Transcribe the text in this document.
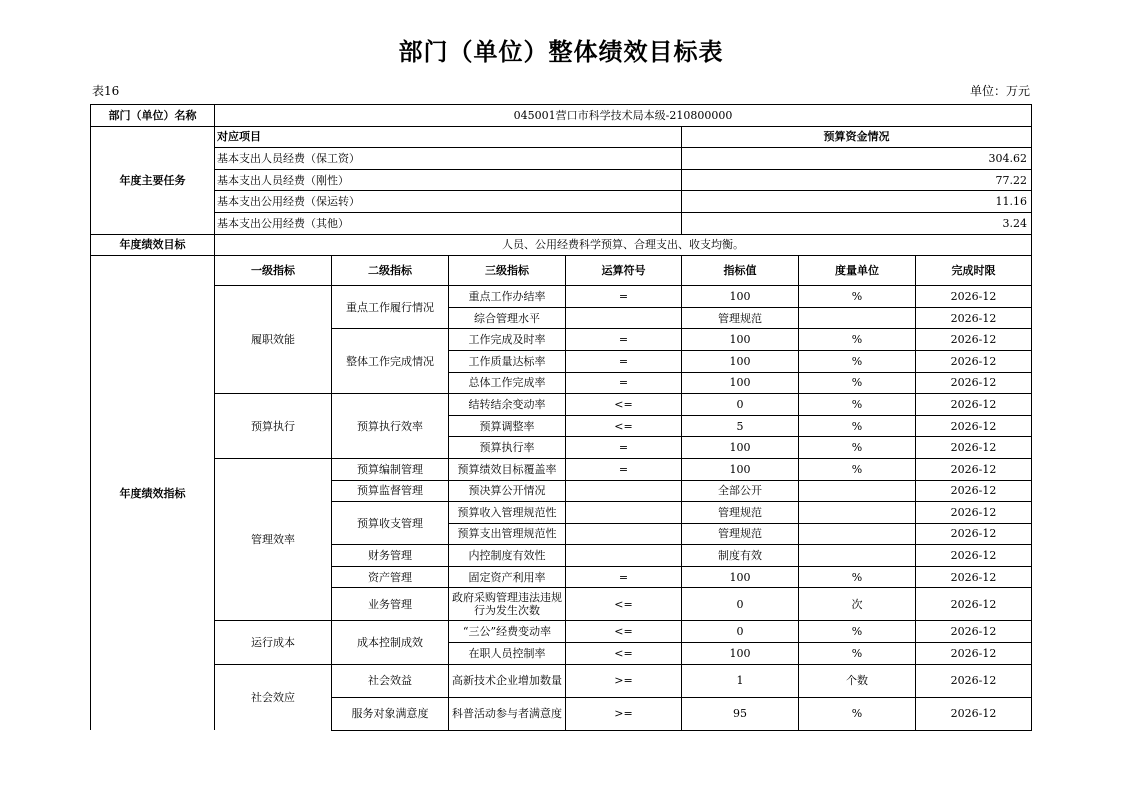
部门（单位）整体绩效目标表
表16	单位：万元
部门（单位）名称	045001营口市科学技术局本级-210800000						
年度主要任务	对应项目				预算资金情况		
	基本支出人员经费（保工资）				304.62		
	基本支出人员经费（刚性）				77.22		
	基本支出公用经费（保运转）				11.16		
	基本支出公用经费（其他）				3.24		
年度绩效目标	人员、公用经费科学预算、合理支出、收支均衡。						
年度绩效指标	一级指标	二级指标	三级指标	运算符号	指标值	度量单位	完成时限
	履职效能	重点工作履行情况	重点工作办结率	=	100	%	2026-12
			综合管理水平		管理规范		2026-12
		整体工作完成情况	工作完成及时率	=	100	%	2026-12
			工作质量达标率	=	100	%	2026-12
			总体工作完成率	=	100	%	2026-12
	预算执行	预算执行效率	结转结余变动率	<=	0	%	2026-12
			预算调整率	<=	5	%	2026-12
			预算执行率	=	100	%	2026-12
	管理效率	预算编制管理	预算绩效目标覆盖率	=	100	%	2026-12
		预算监督管理	预决算公开情况		全部公开		2026-12
		预算收支管理	预算收入管理规范性		管理规范		2026-12
			预算支出管理规范性		管理规范		2026-12
		财务管理	内控制度有效性		制度有效		2026-12
		资产管理	固定资产利用率	=	100	%	2026-12
		业务管理	政府采购管理违法违规行为发生次数	<=	0	次	2026-12
	运行成本	成本控制成效	“三公”经费变动率	<=	0	%	2026-12
			在职人员控制率	<=	100	%	2026-12
	社会效应	社会效益	高新技术企业增加数量	>=	1	个数	2026-12
		服务对象满意度	科普活动参与者满意度	>=	95	%	2026-12
